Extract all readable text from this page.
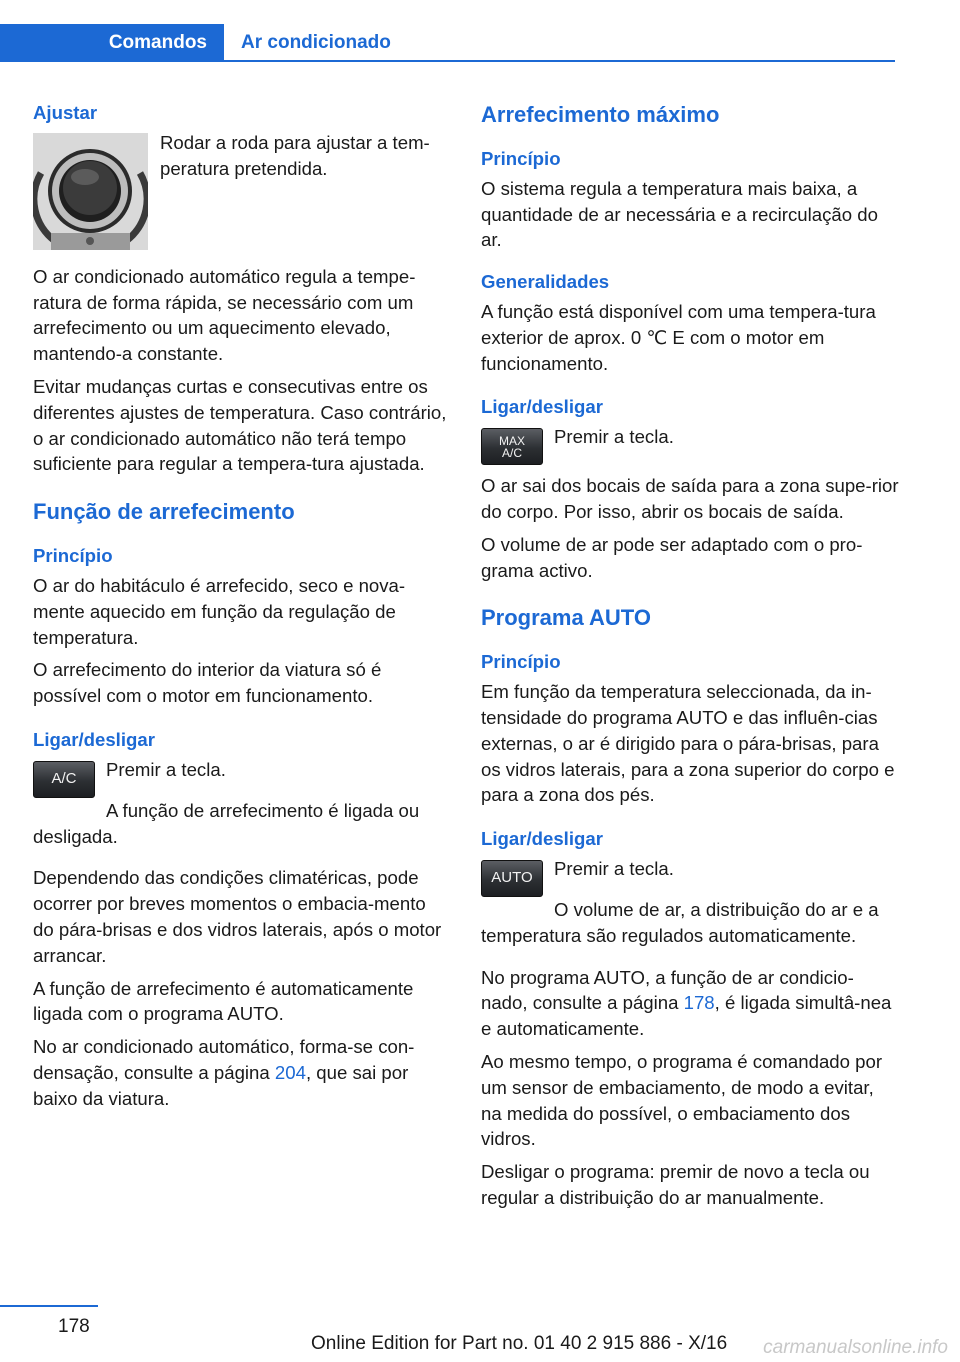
Comandos	Ar condicionado
Ajustar
Rodar a roda para ajustar a tem-peratura pretendida.

O ar condicionado automático regula a tempe-ratura de forma rápida, se necessário com um arrefecimento ou um aquecimento elevado, mantendo-a constante.

Evitar mudanças curtas e consecutivas entre os diferentes ajustes de temperatura. Caso contrário, o ar condicionado automático não terá tempo suficiente para regular a tempera-tura ajustada.

Função de arrefecimento
Princípio

O ar do habitáculo é arrefecido, seco e nova-mente aquecido em função da regulação de temperatura.

O arrefecimento do interior da viatura só é possível com o motor em funcionamento.

Ligar/desligar
A/C	Premir a tecla.

A função de arrefecimento é ligada ou desligada.

Dependendo das condições climatéricas, pode ocorrer por breves momentos o embacia-mento do pára-brisas e dos vidros laterais, após o motor arrancar.

A função de arrefecimento é automaticamente ligada com o programa AUTO.

No ar condicionado automático, forma-se con-densação, consulte a página 204, que sai por baixo da viatura.

Arrefecimento máximo
Princípio

O sistema regula a temperatura mais baixa, a quantidade de ar necessária e a recirculação do ar.

Generalidades

A função está disponível com uma tempera-tura exterior de aprox. 0 ℃ E com o motor em funcionamento.

Ligar/desligar
MAX
A/C

Premir a tecla.

O ar sai dos bocais de saída para a zona supe-rior do corpo. Por isso, abrir os bocais de saída.

O volume de ar pode ser adaptado com o pro-grama activo.

Programa AUTO
Princípio

Em função da temperatura seleccionada, da in-tensidade do programa AUTO e das influên-cias externas, o ar é dirigido para o pára-brisas, para os vidros laterais, para a zona superior do corpo e para a zona dos pés.

Ligar/desligar
AUTO	Premir a tecla.

O volume de ar, a distribuição do ar e a temperatura são regulados automaticamente.

No programa AUTO, a função de ar condicio-nado, consulte a página 178, é ligada simultâ-nea e automaticamente.

Ao mesmo tempo, o programa é comandado por um sensor de embaciamento, de modo a evitar, na medida do possível, o embaciamento dos vidros.

Desligar o programa: premir de novo a tecla ou regular a distribuição do ar manualmente.

178
Online Edition for Part no. 01 40 2 915 886 - X/16 carmanualsonline.info
